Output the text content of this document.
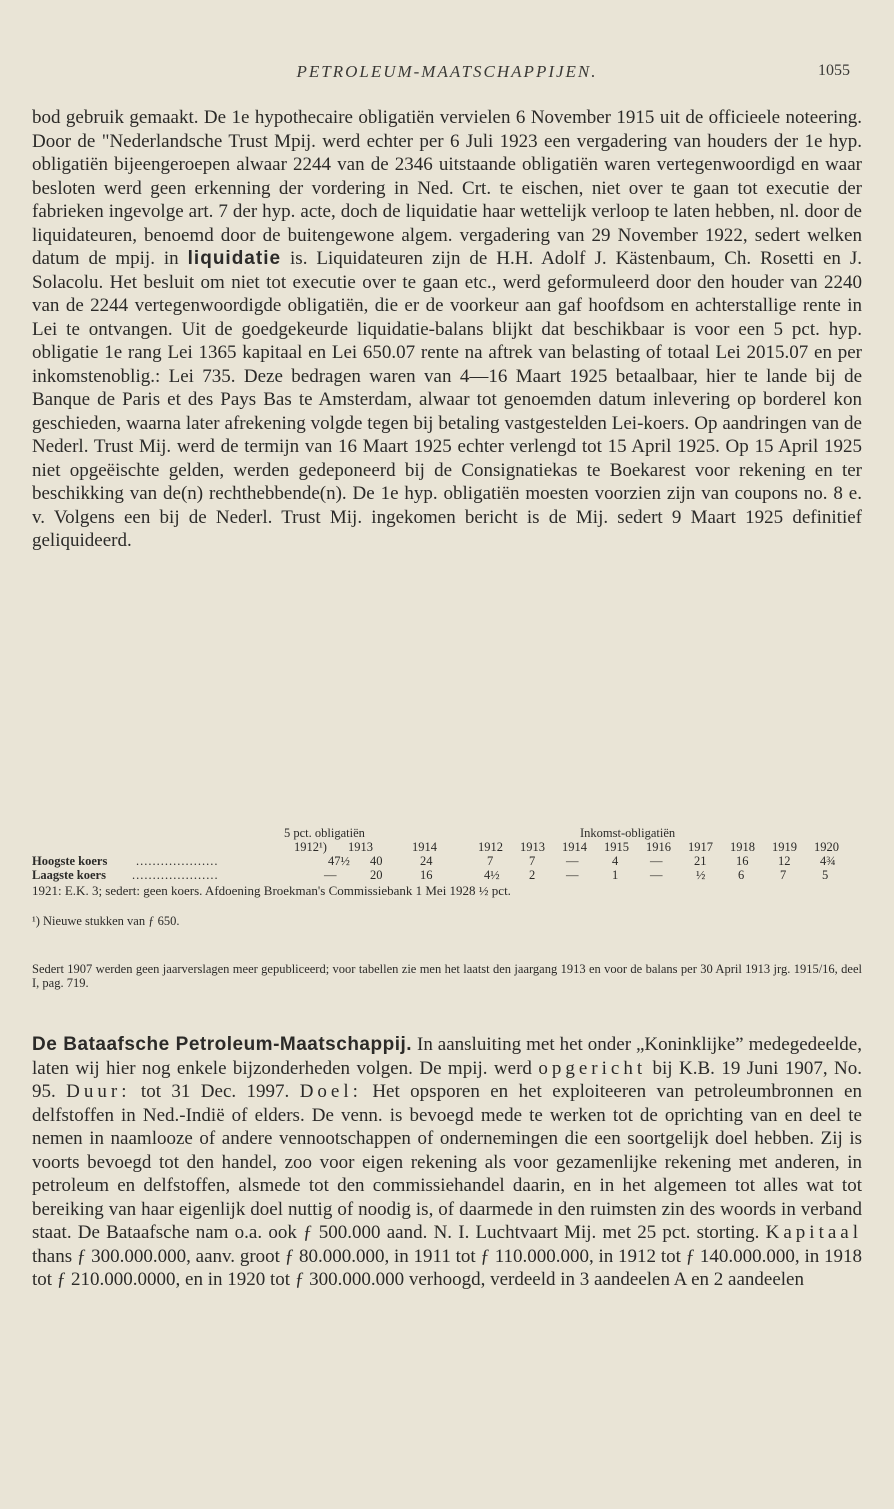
PETROLEUM-MAATSCHAPPIJEN.	1055

bod gebruik gemaakt. De 1e hypothecaire obligatiën vervielen 6 November 1915 uit de officieele noteering. Door de "Nederlandsche Trust Mpij. werd echter per 6 Juli 1923 een vergadering van houders der 1e hyp. obligatiën bijeengeroepen alwaar 2244 van de 2346 uitstaande obligatiën waren vertegenwoordigd en waar besloten werd geen erkenning der vordering in Ned. Crt. te eischen, niet over te gaan tot executie der fabrieken ingevolge art. 7 der hyp. acte, doch de liquidatie haar wettelijk verloop te laten hebben, nl. door de liquidateuren, benoemd door de buitengewone algem. vergadering van 29 November 1922, sedert welken datum de mpij. in liquidatie is. Liquidateuren zijn de H.H. Adolf J. Kästenbaum, Ch. Rosetti en J. Solacolu. Het besluit om niet tot executie over te gaan etc., werd geformuleerd door den houder van 2240 van de 2244 vertegenwoordigde obligatiën, die er de voorkeur aan gaf hoofdsom en achterstallige rente in Lei te ontvangen. Uit de goedgekeurde liquidatie-balans blijkt dat beschikbaar is voor een 5 pct. hyp. obligatie 1e rang Lei 1365 kapitaal en Lei 650.07 rente na aftrek van belasting of totaal Lei 2015.07 en per inkomstenoblig.: Lei 735. Deze bedragen waren van 4—16 Maart 1925 betaalbaar, hier te lande bij de Banque de Paris et des Pays Bas te Amsterdam, alwaar tot genoemden datum inlevering op borderel kon geschieden, waarna later afrekening volgde tegen bij betaling vastgestelden Lei-koers. Op aandringen van de Nederl. Trust Mij. werd de termijn van 16 Maart 1925 echter verlengd tot 15 April 1925. Op 15 April 1925 niet opgeëischte gelden, werden gedeponeerd bij de Consignatiekas te Boekarest voor rekening en ter beschikking van de(n) rechthebbende(n). De 1e hyp. obligatiën moesten voorzien zijn van coupons no. 8 e. v. Volgens een bij de Nederl. Trust Mij. ingekomen bericht is de Mij. sedert 9 Maart 1925 definitief geliquideerd.

5 pct. obligatiën	Inkomst-obligatiën
1912¹) 1913	1914	1912 1913 1914 1915 1916 1917 1918 1919 1920
Hoogste koers ....................	47½ 40	24	7	7 —	4	—	21 16 12 4¾
Laagste koers .....................	—	20	16	4½ 2 —	1	—	½	6	7	5
1921: E.K. 3; sedert: geen koers. Afdoening Broekman's Commissiebank 1 Mei 1928 ½ pct.
¹) Nieuwe stukken van ƒ 650.

Sedert 1907 werden geen jaarverslagen meer gepubliceerd; voor tabellen zie men het laatst den jaargang 1913 en voor de balans per 30 April 1913 jrg. 1915/16, deel I, pag. 719.

De Bataafsche Petroleum-Maatschappij. In aansluiting met het onder „Koninklijke” medegedeelde, laten wij hier nog enkele bijzonderheden volgen. De mpij. werd opgericht bij K.B. 19 Juni 1907, No. 95. Duur: tot 31 Dec. 1997. Doel: Het opsporen en het exploiteeren van petroleumbronnen en delfstoffen in Ned.-Indië of elders. De venn. is bevoegd mede te werken tot de oprichting van en deel te nemen in naamlooze of andere vennootschappen of ondernemingen die een soortgelijk doel hebben. Zij is voorts bevoegd tot den handel, zoo voor eigen rekening als voor gezamenlijke rekening met anderen, in petroleum en delfstoffen, alsmede tot den commissiehandel daarin, en in het algemeen tot alles wat tot bereiking van haar eigenlijk doel nuttig of noodig is, of daarmede in den ruimsten zin des woords in verband staat. De Bataafsche nam o.a. ook ƒ 500.000 aand. N. I. Luchtvaart Mij. met 25 pct. storting. Kapitaal thans ƒ 300.000.000, aanv. groot ƒ 80.000.000, in 1911 tot ƒ 110.000.000, in 1912 tot ƒ 140.000.000, in 1918 tot ƒ 210.000.0000, en in 1920 tot ƒ 300.000.000 verhoogd, verdeeld in 3 aandeelen A en 2 aandeelen
